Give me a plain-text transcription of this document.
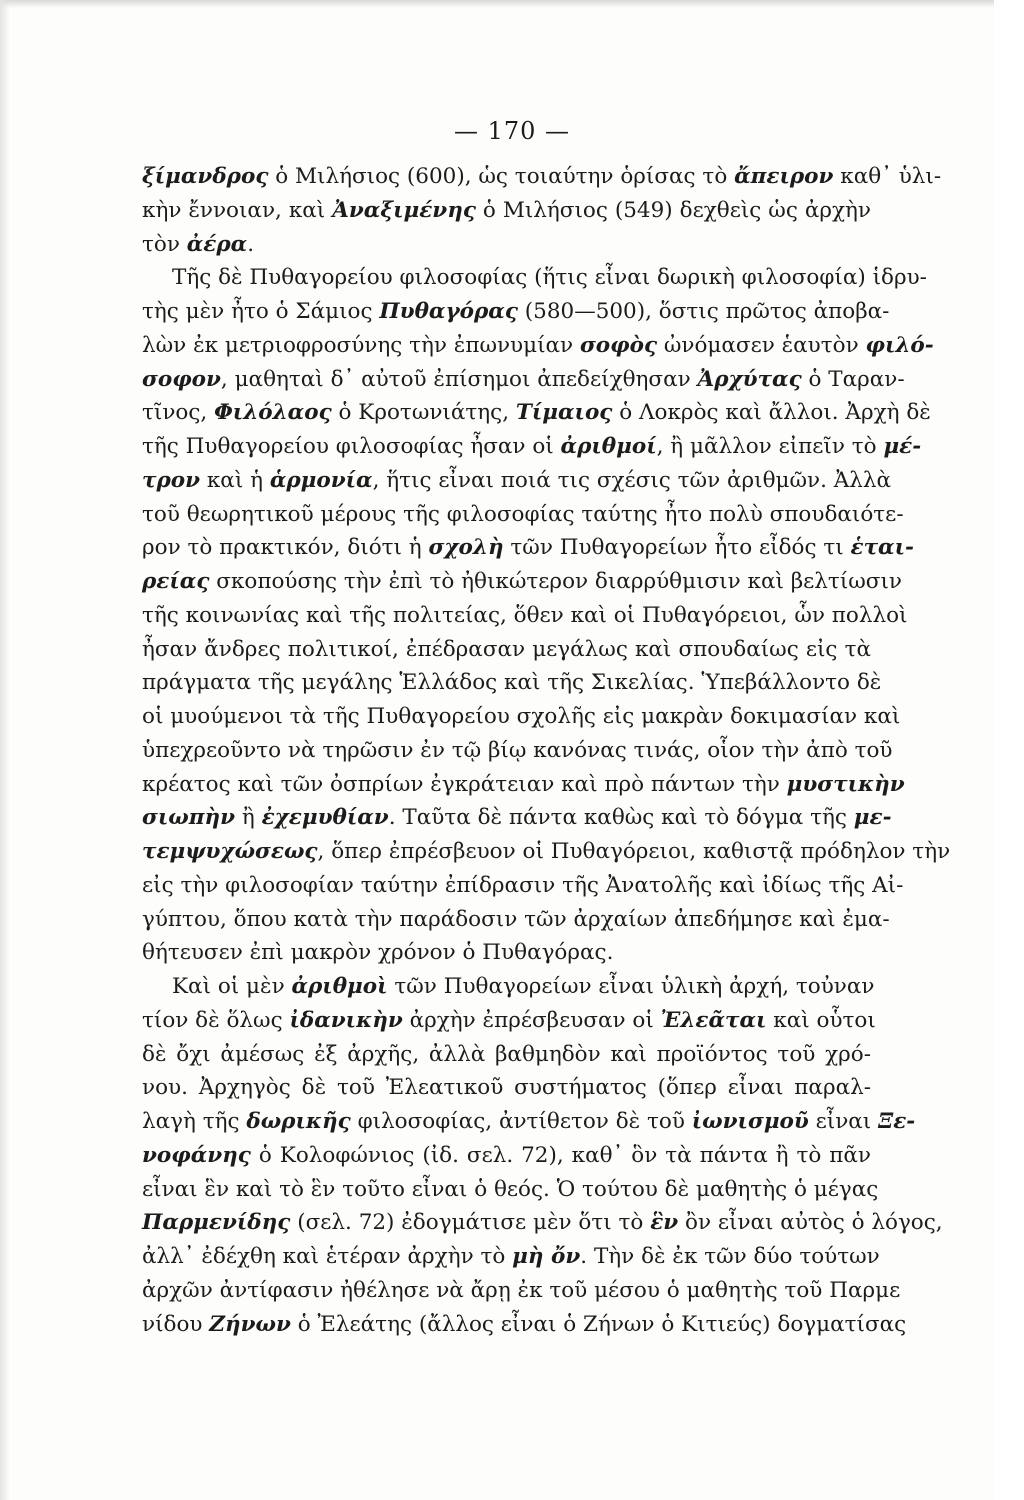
— 170 —
ξίμανδρος ὁ Μιλήσιος (600), ὡς τοιαύτην ὁρίσας τὸ ἄπειρον καθ᾽ ὑλι-
κὴν ἔννοιαν, καὶ Ἀναξιμένης ὁ Μιλήσιος (549) δεχθεὶς ὡς ἀρχὴν
τὸν ἀέρα.
Τῆς δὲ Πυθαγορείου φιλοσοφίας (ἥτις εἶναι δωρικὴ φιλοσοφία) ἱδρυ-
τὴς μὲν ἦτο ὁ Σάμιος Πυθαγόρας (580—500), ὅστις πρῶτος ἀποβα-
λὼν ἐκ μετριοφροσύνης τὴν ἐπωνυμίαν σοφὸς ὠνόμασεν ἑαυτὸν φιλό-
σοφον, μαθηταὶ δ᾽ αὐτοῦ ἐπίσημοι ἀπεδείχθησαν Ἀρχύτας ὁ Ταραν-
τῖνος, Φιλόλαος ὁ Κροτωνιάτης, Τίμαιος ὁ Λοκρὸς καὶ ἄλλοι. Ἀρχὴ δὲ
τῆς Πυθαγορείου φιλοσοφίας ἦσαν οἱ ἀριθμοί, ἢ μᾶλλον εἰπεῖν τὸ μέ-
τρον καὶ ἡ ἁρμονία, ἥτις εἶναι ποιά τις σχέσις τῶν ἀριθμῶν. Ἀλλὰ
τοῦ θεωρητικοῦ μέρους τῆς φιλοσοφίας ταύτης ἦτο πολὺ σπουδαιότε-
ρον τὸ πρακτικόν, διότι ἡ σχολὴ τῶν Πυθαγορείων ἦτο εἶδός τι ἑται-
ρείας σκοπούσης τὴν ἐπὶ τὸ ἠθικώτερον διαρρύθμισιν καὶ βελτίωσιν
τῆς κοινωνίας καὶ τῆς πολιτείας, ὅθεν καὶ οἱ Πυθαγόρειοι, ὧν πολλοὶ
ἦσαν ἄνδρες πολιτικοί, ἐπέδρασαν μεγάλως καὶ σπουδαίως εἰς τὰ
πράγματα τῆς μεγάλης Ἑλλάδος καὶ τῆς Σικελίας. Ὑπεβάλλοντο δὲ
οἱ μυούμενοι τὰ τῆς Πυθαγορείου σχολῆς εἰς μακρὰν δοκιμασίαν καὶ
ὑπεχρεοῦντο νὰ τηρῶσιν ἐν τῷ βίῳ κανόνας τινάς, οἷον τὴν ἀπὸ τοῦ
κρέατος καὶ τῶν ὀσπρίων ἐγκράτειαν καὶ πρὸ πάντων τὴν μυστικὴν
σιωπὴν ἢ ἐχεμυθίαν. Ταῦτα δὲ πάντα καθὼς καὶ τὸ δόγμα τῆς με-
τεμψυχώσεως, ὅπερ ἐπρέσβευον οἱ Πυθαγόρειοι, καθιστᾷ πρόδηλον τὴν
εἰς τὴν φιλοσοφίαν ταύτην ἐπίδρασιν τῆς Ἀνατολῆς καὶ ἰδίως τῆς Αἰ-
γύπτου, ὅπου κατὰ τὴν παράδοσιν τῶν ἀρχαίων ἀπεδήμησε καὶ ἐμα-
θήτευσεν ἐπὶ μακρὸν χρόνον ὁ Πυθαγόρας.
Καὶ οἱ μὲν ἀριθμοὶ τῶν Πυθαγορείων εἶναι ὑλικὴ ἀρχή, τοὐναν
τίον δὲ ὅλως ἰδανικὴν ἀρχὴν ἐπρέσβευσαν οἱ Ἐλεᾶται καὶ οὗτοι
δὲ ὄχι ἀμέσως ἐξ ἀρχῆς, ἀλλὰ βαθμηδὸν καὶ προϊόντος τοῦ χρό-
νου. Ἀρχηγὸς δὲ τοῦ Ἐλεατικοῦ συστήματος (ὅπερ εἶναι παραλ-
λαγὴ τῆς δωρικῆς φιλοσοφίας, ἀντίθετον δὲ τοῦ ἰωνισμοῦ εἶναι Ξε-
νοφάνης ὁ Κολοφώνιος (ἰδ. σελ. 72), καθ᾽ ὃν τὰ πάντα ἢ τὸ πᾶν
εἶναι ἓν καὶ τὸ ἓν τοῦτο εἶναι ὁ θεός. Ὁ τούτου δὲ μαθητὴς ὁ μέγας
Παρμενίδης (σελ. 72) ἐδογμάτισε μὲν ὅτι τὸ ἓν ὂν εἶναι αὐτὸς ὁ λόγος,
ἀλλ᾽ ἐδέχθη καὶ ἑτέραν ἀρχὴν τὸ μὴ ὄν. Τὴν δὲ ἐκ τῶν δύο τούτων
ἀρχῶν ἀντίφασιν ἠθέλησε νὰ ἄρῃ ἐκ τοῦ μέσου ὁ μαθητὴς τοῦ Παρμε
νίδου Ζήνων ὁ Ἐλεάτης (ἄλλος εἶναι ὁ Ζήνων ὁ Κιτιεύς) δογματίσας
